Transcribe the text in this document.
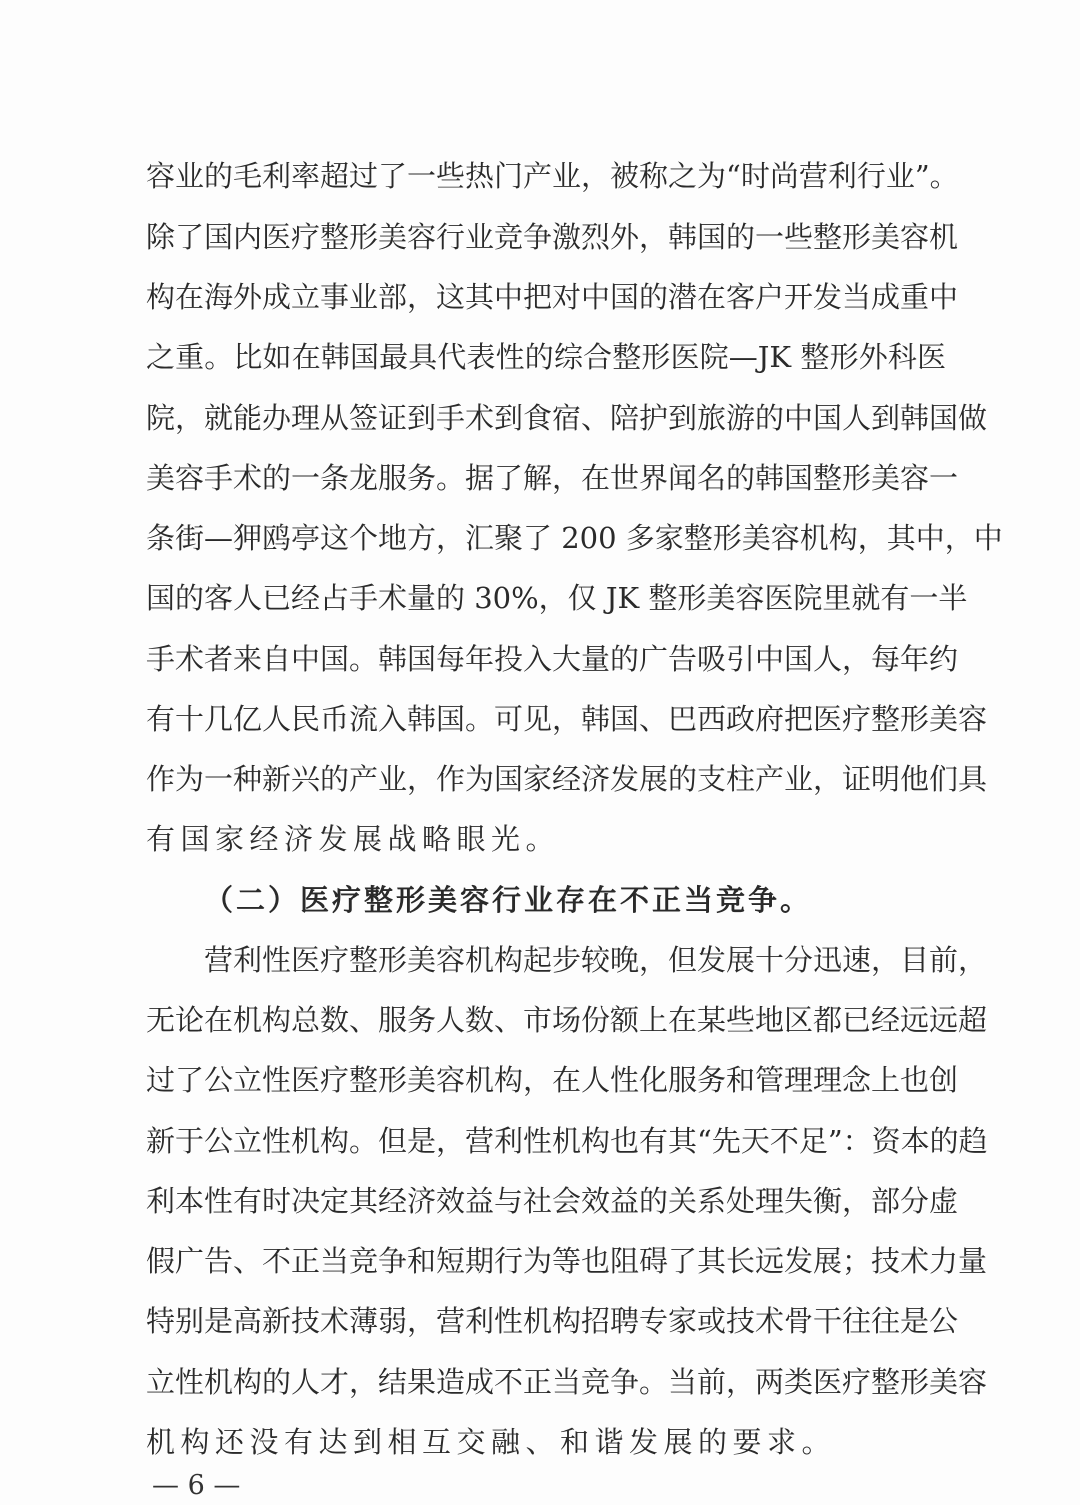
容业的毛利率超过了一些热门产业，被称之为“时尚营利行业”。
除了国内医疗整形美容行业竞争激烈外，韩国的一些整形美容机
构在海外成立事业部，这其中把对中国的潜在客户开发当成重中
之重。比如在韩国最具代表性的综合整形医院—JK 整形外科医
院，就能办理从签证到手术到食宿、陪护到旅游的中国人到韩国做
美容手术的一条龙服务。据了解，在世界闻名的韩国整形美容一
条街—狎鸥亭这个地方，汇聚了 200 多家整形美容机构，其中，中
国的客人已经占手术量的 30%，仅 JK 整形美容医院里就有一半
手术者来自中国。韩国每年投入大量的广告吸引中国人，每年约
有十几亿人民币流入韩国。可见，韩国、巴西政府把医疗整形美容
作为一种新兴的产业，作为国家经济发展的支柱产业，证明他们具
有国家经济发展战略眼光。
（二）医疗整形美容行业存在不正当竞争。
营利性医疗整形美容机构起步较晚，但发展十分迅速，目前，
无论在机构总数、服务人数、市场份额上在某些地区都已经远远超
过了公立性医疗整形美容机构，在人性化服务和管理理念上也创
新于公立性机构。但是，营利性机构也有其“先天不足”：资本的趋
利本性有时决定其经济效益与社会效益的关系处理失衡，部分虚
假广告、不正当竞争和短期行为等也阻碍了其长远发展；技术力量
特别是高新技术薄弱，营利性机构招聘专家或技术骨干往往是公
立性机构的人才，结果造成不正当竞争。当前，两类医疗整形美容
机构还没有达到相互交融、和谐发展的要求。
— 6 —
